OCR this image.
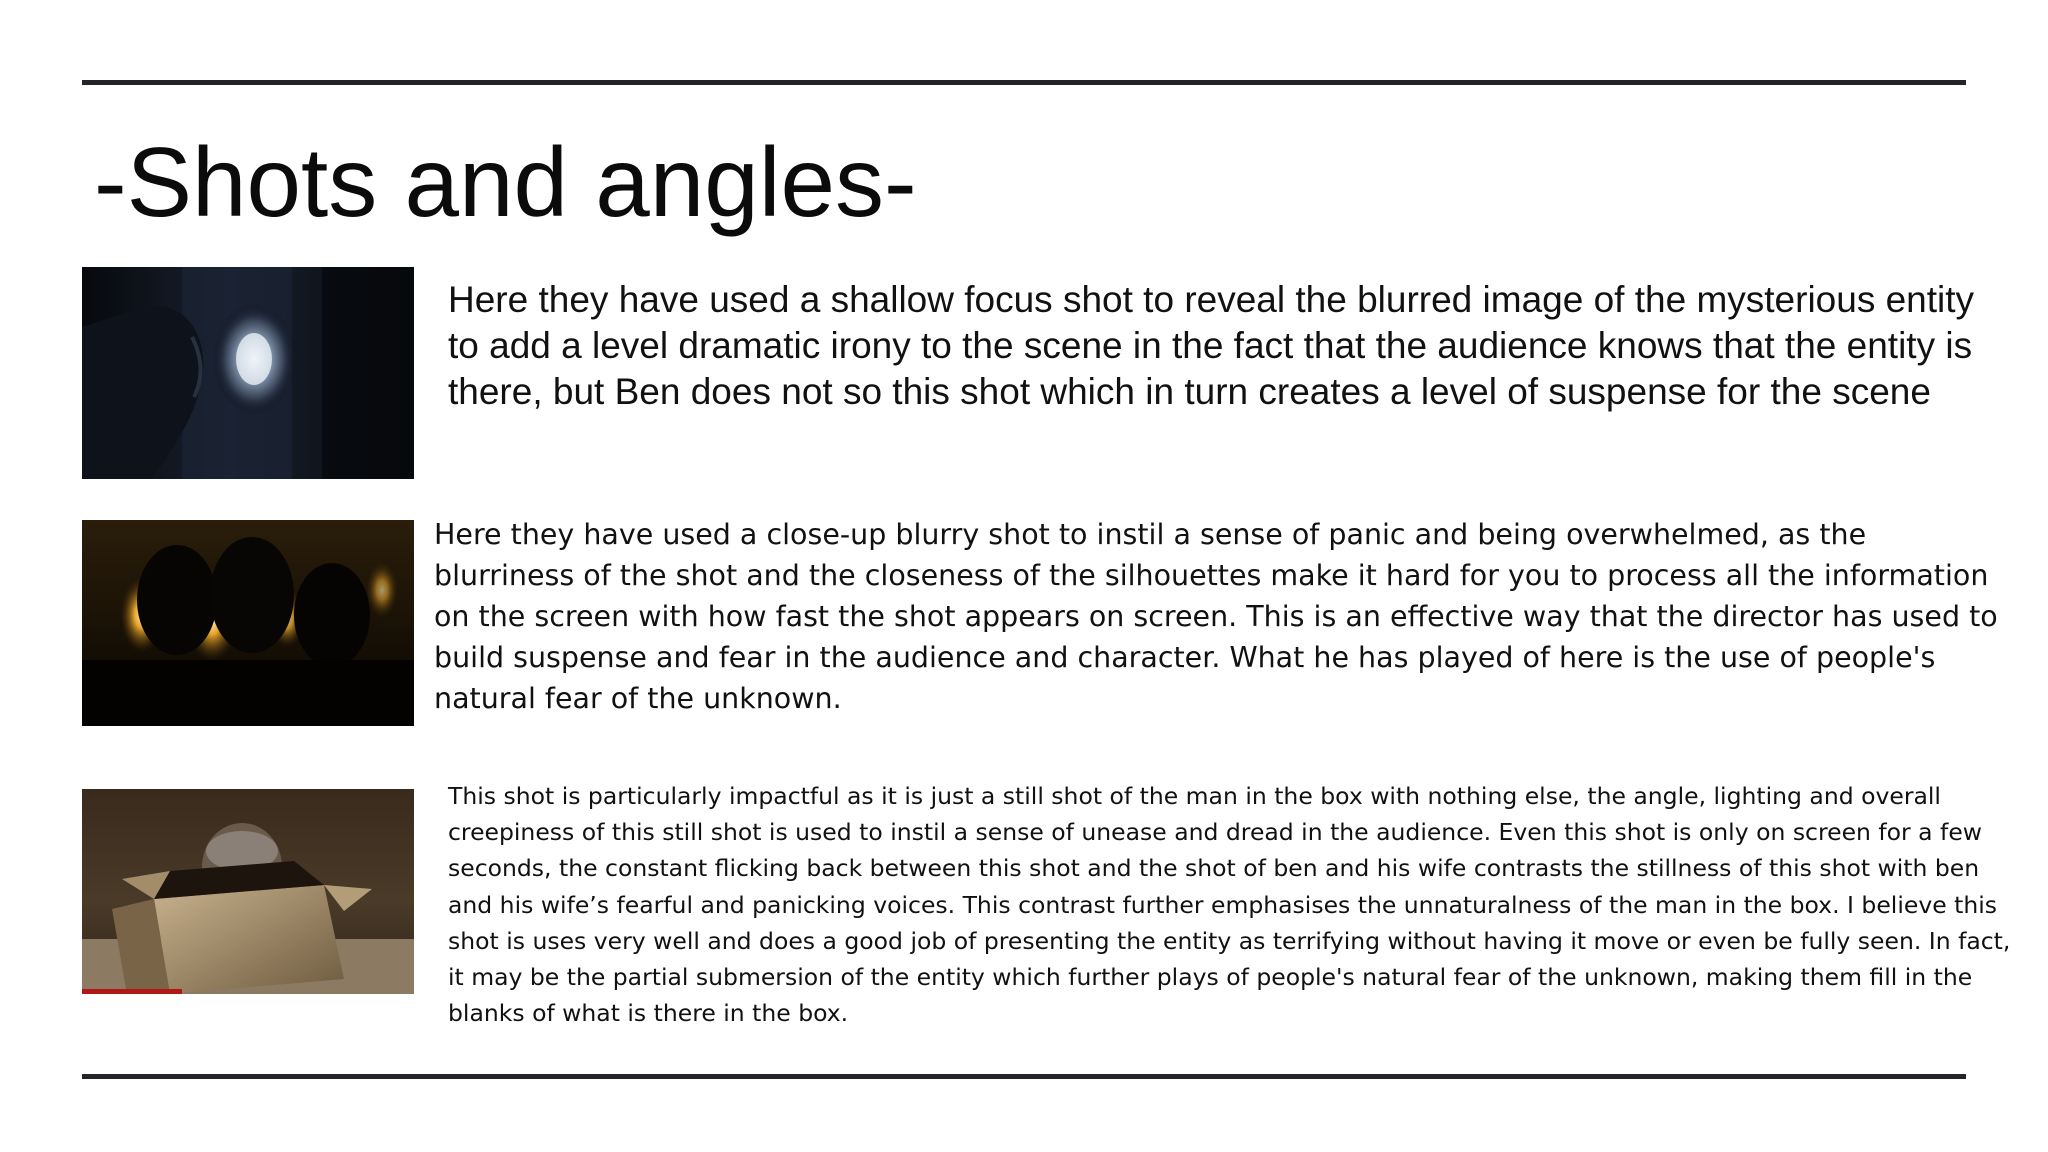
-Shots and angles-

Here they have used a shallow focus shot to reveal the blurred image of the mysterious entity to add a level dramatic irony to the scene in the fact that the audience knows that the entity is there, but Ben does not so this shot which in turn creates a level of suspense for the scene

Here they have used a close-up blurry shot to instil a sense of panic and being overwhelmed, as the blurriness of the shot and the closeness of the silhouettes make it hard for you to process all the information on the screen with how fast the shot appears on screen. This is an effective way that the director has used to build suspense and fear in the audience and character. What he has played of here is the use of people's natural fear of the unknown.

This shot is particularly impactful as it is just a still shot of the man in the box with nothing else, the angle, lighting and overall creepiness of this still shot is used to instil a sense of unease and dread in the audience. Even this shot is only on screen for a few seconds, the constant flicking back between this shot and the shot of ben and his wife contrasts the stillness of this shot with ben and his wife’s fearful and panicking voices. This contrast further emphasises the unnaturalness of the man in the box. I believe this shot is uses very well and does a good job of presenting the entity as terrifying without having it move or even be fully seen. In fact, it may be the partial submersion of the entity which further plays of people's natural fear of the unknown, making them fill in the blanks of what is there in the box.
